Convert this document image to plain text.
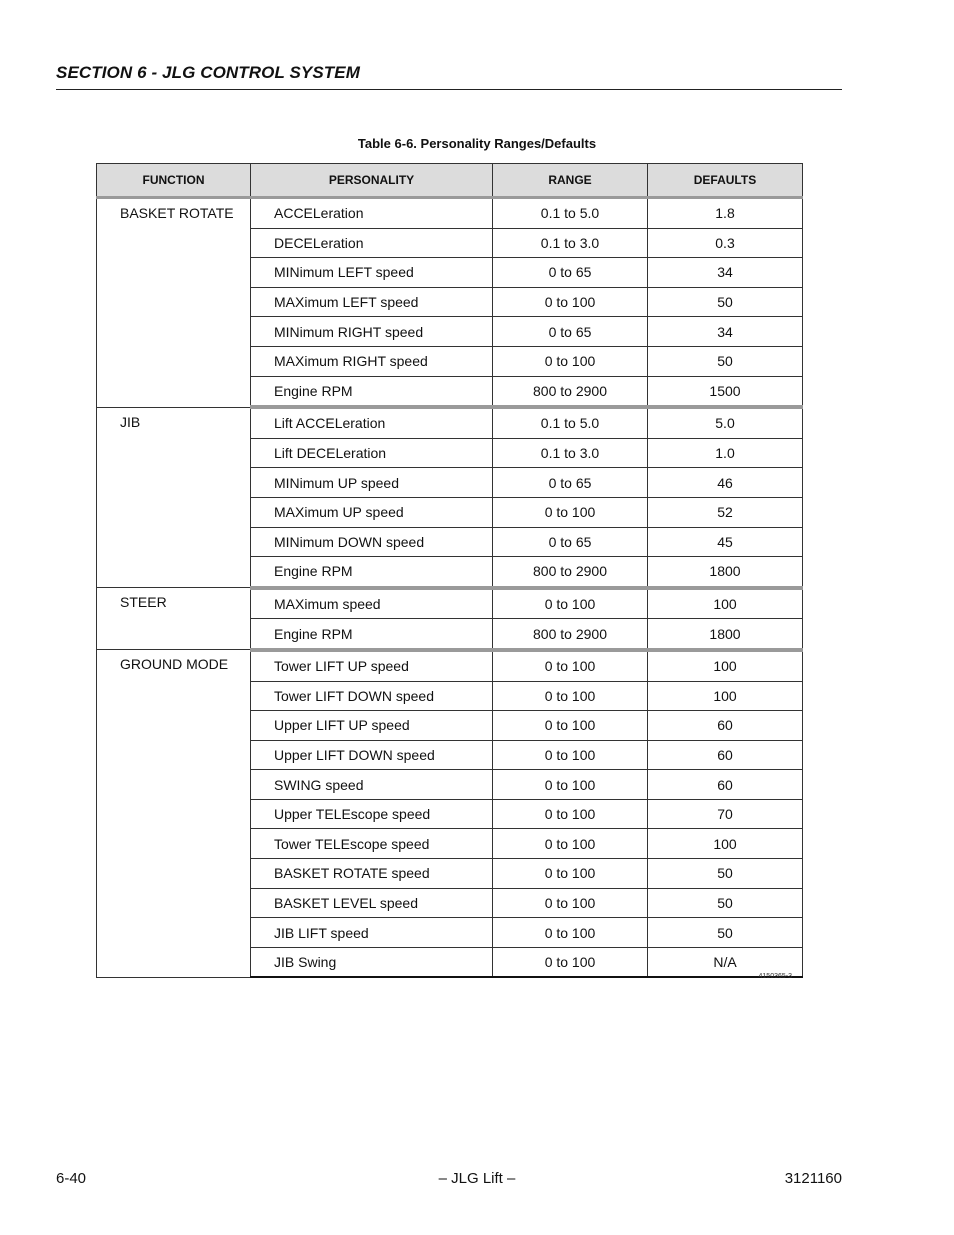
SECTION 6 - JLG CONTROL SYSTEM
Table 6-6. Personality Ranges/Defaults
FUNCTION	PERSONALITY	RANGE	DEFAULTS
BASKET ROTATE	ACCELeration	0.1 to 5.0	1.8
	DECELeration	0.1 to 3.0	0.3
	MINimum LEFT speed	0 to 65	34
	MAXimum LEFT speed	0 to 100	50
	MINimum RIGHT speed	0 to 65	34
	MAXimum RIGHT speed	0 to 100	50
	Engine RPM	800 to 2900	1500
JIB	Lift ACCELeration	0.1 to 5.0	5.0
	Lift DECELeration	0.1 to 3.0	1.0
	MINimum UP speed	0 to 65	46
	MAXimum UP speed	0 to 100	52
	MINimum DOWN speed	0 to 65	45
	Engine RPM	800 to 2900	1800
STEER	MAXimum speed	0 to 100	100
	Engine RPM	800 to 2900	1800
GROUND MODE	Tower LIFT UP speed	0 to 100	100
	Tower LIFT DOWN speed	0 to 100	100
	Upper LIFT UP speed	0 to 100	60
	Upper LIFT DOWN speed	0 to 100	60
	SWING speed	0 to 100	60
	Upper TELEscope speed	0 to 100	70
	Tower TELEscope speed	0 to 100	100
	BASKET ROTATE speed	0 to 100	50
	BASKET LEVEL speed	0 to 100	50
	JIB LIFT speed	0 to 100	50
	JIB Swing	0 to 100	N/A
4150365-3
6-40	– JLG Lift –	3121160
